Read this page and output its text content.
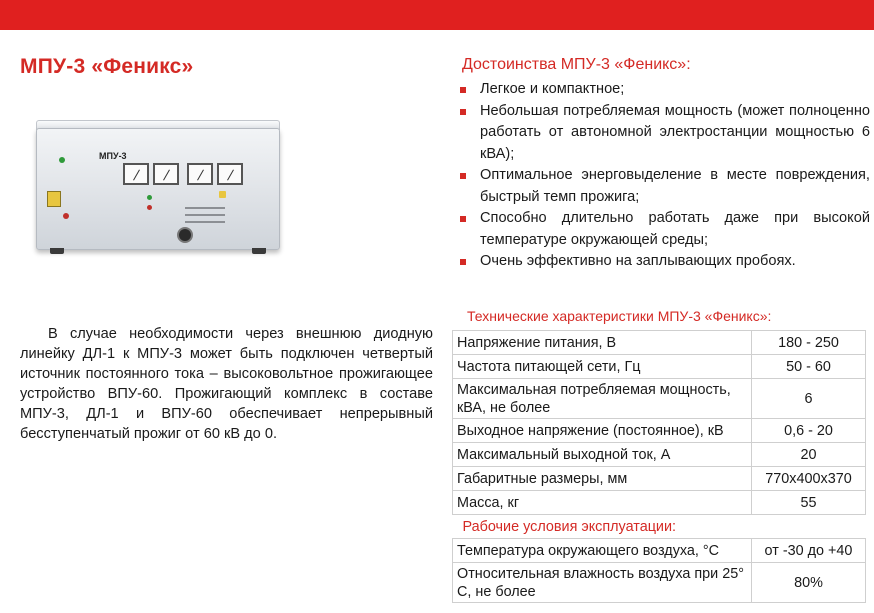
МПУ-3 «Феникс»
МПУ-3

В случае необходимости через внешнюю диодную линейку ДЛ-1 к МПУ-3 может быть подключен четвертый источник постоянного тока – высоковольтное прожигающее устройство ВПУ-60. Прожигающий комплекс в составе МПУ-3, ДЛ-1 и ВПУ-60 обеспечивает непрерывный бесступенчатый прожиг от 60 кВ до 0.

Достоинства МПУ-3 «Феникс»:
Легкое и компактное;
Небольшая потребляемая мощность (может полноценно работать от автономной электростанции мощностью 6 кВА);
Оптимальное энерговыделение в месте повреждения, быстрый темп прожига;
Способно длительно работать даже при высокой температуре окружающей среды;
Очень эффективно на заплывающих пробоях.
Технические характеристики МПУ-3 «Феникс»:
Напряжение питания, В	180 - 250
Частота питающей сети, Гц	50 - 60
Максимальная потребляемая мощность, кВА, не более	6
Выходное напряжение (постоянное), кВ	0,6 - 20
Максимальный выходной ток, А	20
Габаритные размеры, мм	770х400х370
Масса, кг	55
Рабочие условия эксплуатации:	
Температура окружающего воздуха, °С	от -30 до +40
Относительная влажность воздуха при 25° С, не более	80%
